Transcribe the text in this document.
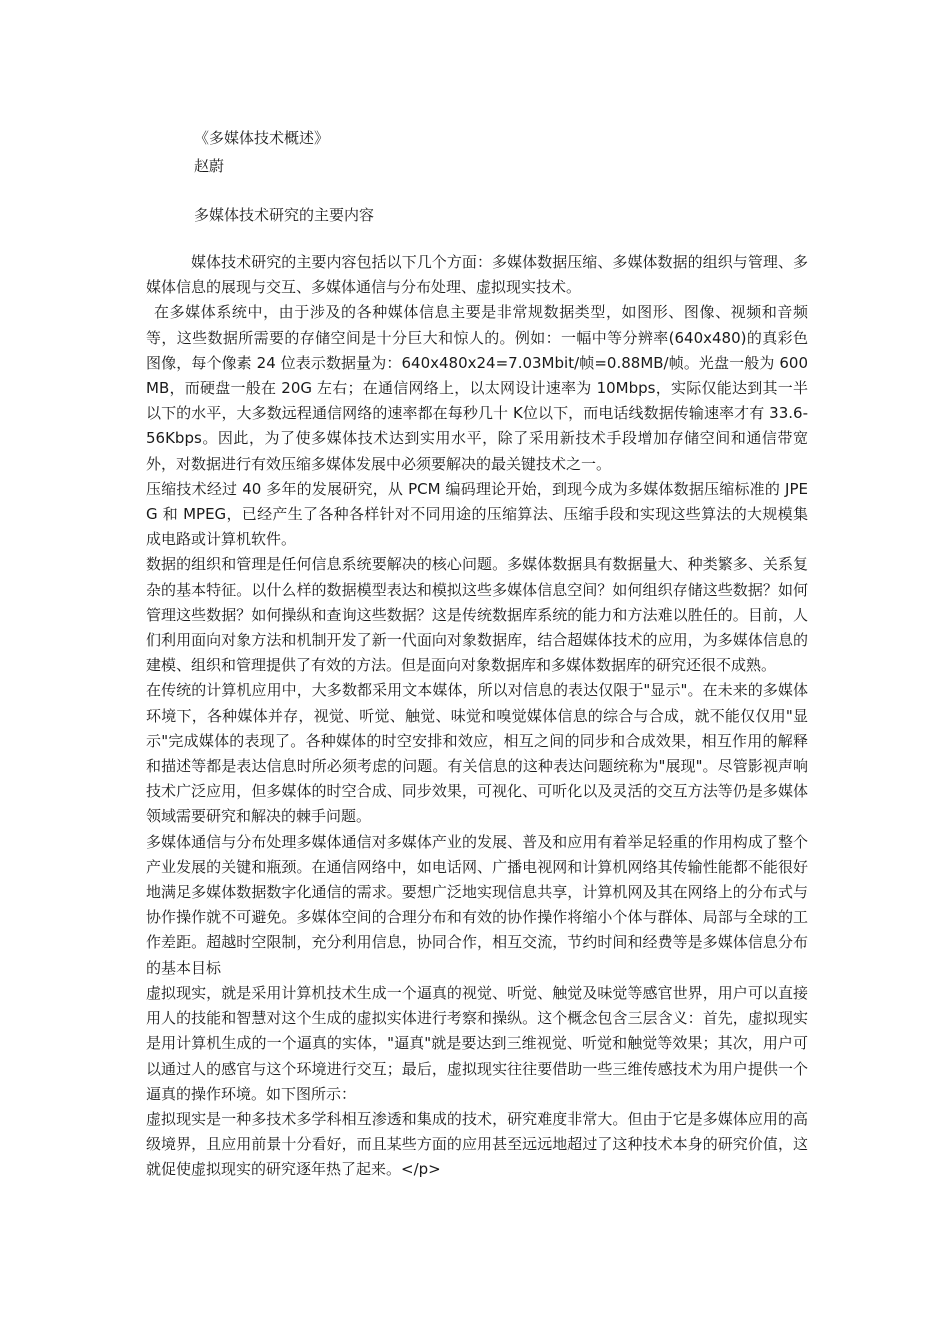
《多媒体技术概述》

赵蔚

多媒体技术研究的主要内容

媒体技术研究的主要内容包括以下几个方面：多媒体数据压缩、多媒体数据的组织与管理、多媒体信息的展现与交互、多媒体通信与分布处理、虚拟现实技术。

在多媒体系统中，由于涉及的各种媒体信息主要是非常规数据类型，如图形、图像、视频和音频等，这些数据所需要的存储空间是十分巨大和惊人的。例如：一幅中等分辨率(640x480)的真彩色图像，每个像素 24 位表示数据量为：640x480x24=7.03Mbit/帧=0.88MB/帧。光盘一般为 600MB，而硬盘一般在 20G 左右；在通信网络上，以太网设计速率为 10Mbps，实际仅能达到其一半以下的水平，大多数远程通信网络的速率都在每秒几十 K位以下，而电话线数据传输速率才有 33.6-56Kbps。因此，为了使多媒体技术达到实用水平，除了采用新技术手段增加存储空间和通信带宽外，对数据进行有效压缩多媒体发展中必须要解决的最关键技术之一。

压缩技术经过 40 多年的发展研究，从 PCM 编码理论开始，到现今成为多媒体数据压缩标准的 JPEG 和 MPEG，已经产生了各种各样针对不同用途的压缩算法、压缩手段和实现这些算法的大规模集成电路或计算机软件。

数据的组织和管理是任何信息系统要解决的核心问题。多媒体数据具有数据量大、种类繁多、关系复杂的基本特征。以什么样的数据模型表达和模拟这些多媒体信息空间？如何组织存储这些数据？如何管理这些数据？如何操纵和查询这些数据？这是传统数据库系统的能力和方法难以胜任的。目前，人们利用面向对象方法和机制开发了新一代面向对象数据库，结合超媒体技术的应用，为多媒体信息的建模、组织和管理提供了有效的方法。但是面向对象数据库和多媒体数据库的研究还很不成熟。

在传统的计算机应用中，大多数都采用文本媒体，所以对信息的表达仅限于"显示"。在未来的多媒体环境下，各种媒体并存，视觉、听觉、触觉、味觉和嗅觉媒体信息的综合与合成，就不能仅仅用"显示"完成媒体的表现了。各种媒体的时空安排和效应，相互之间的同步和合成效果，相互作用的解释和描述等都是表达信息时所必须考虑的问题。有关信息的这种表达问题统称为"展现"。尽管影视声响技术广泛应用，但多媒体的时空合成、同步效果，可视化、可听化以及灵活的交互方法等仍是多媒体领域需要研究和解决的棘手问题。

多媒体通信与分布处理多媒体通信对多媒体产业的发展、普及和应用有着举足轻重的作用构成了整个产业发展的关键和瓶颈。在通信网络中，如电话网、广播电视网和计算机网络其传输性能都不能很好地满足多媒体数据数字化通信的需求。要想广泛地实现信息共享，计算机网及其在网络上的分布式与协作操作就不可避免。多媒体空间的合理分布和有效的协作操作将缩小个体与群体、局部与全球的工作差距。超越时空限制，充分利用信息，协同合作，相互交流，节约时间和经费等是多媒体信息分布的基本目标

虚拟现实，就是采用计算机技术生成一个逼真的视觉、听觉、触觉及味觉等感官世界，用户可以直接用人的技能和智慧对这个生成的虚拟实体进行考察和操纵。这个概念包含三层含义：首先，虚拟现实是用计算机生成的一个逼真的实体，"逼真"就是要达到三维视觉、听觉和触觉等效果；其次，用户可以通过人的感官与这个环境进行交互；最后，虚拟现实往往要借助一些三维传感技术为用户提供一个逼真的操作环境。如下图所示：

虚拟现实是一种多技术多学科相互渗透和集成的技术，研究难度非常大。但由于它是多媒体应用的高级境界，且应用前景十分看好，而且某些方面的应用甚至远远地超过了这种技术本身的研究价值，这就促使虚拟现实的研究逐年热了起来。</p>
